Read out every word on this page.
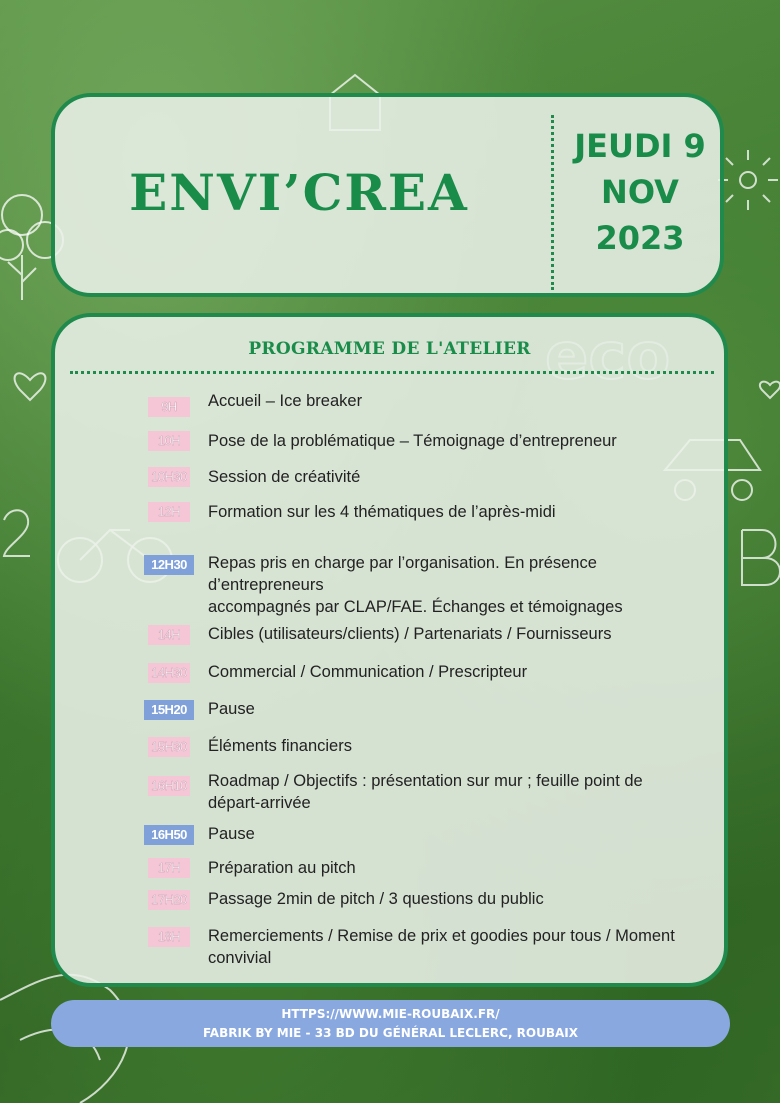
ENVI’CREA
JEUDI 9
NOV
2023
PROGRAMME DE L'ATELIER
9H	Accueil – Ice breaker
10H	Pose de la problématique – Témoignage d’entrepreneur
10H30 Session de créativité
12H	Formation sur les 4 thématiques de l’après-midi
12H30	Repas pris en charge par l’organisation. En présence d’entrepreneurs
accompagnés par CLAP/FAE. Échanges et témoignages
14H	Cibles (utilisateurs/clients) / Partenariats / Fournisseurs
14H30 Commercial / Communication / Prescripteur
15H20	Pause
15H30 Éléments financiers
16H10 Roadmap / Objectifs : présentation sur mur ; feuille point de
départ-arrivée
16H50	Pause
17H	Préparation au pitch
17H20 Passage 2min de pitch / 3 questions du public
18H	Remerciements / Remise de prix et goodies pour tous / Moment
convivial
HTTPS://WWW.MIE-ROUBAIX.FR/
FABRIK BY MIE - 33 BD DU GÉNÉRAL LECLERC, ROUBAIX
